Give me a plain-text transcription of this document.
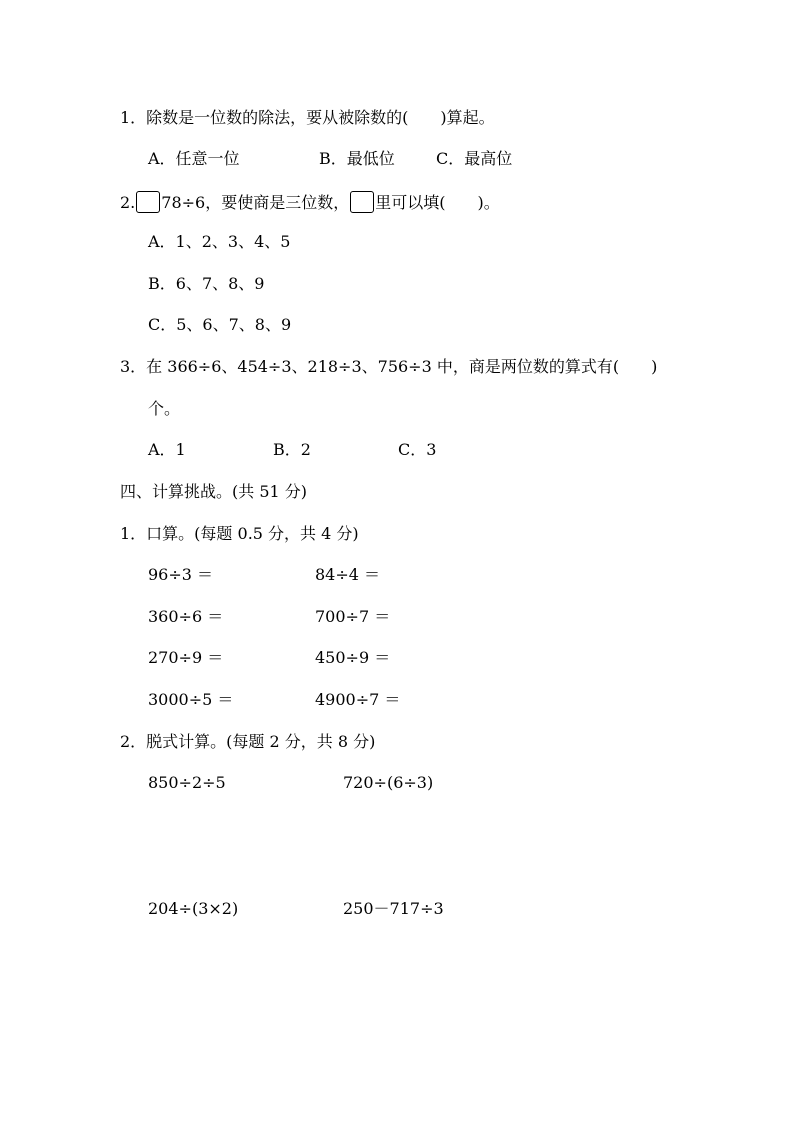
1．除数是一位数的除法，要从被除数的(　　)算起。
A．任意一位	B．最低位	C．最高位
2. 78÷6，要使商是三位数， 里可以填(　　)。
A．1、2、3、4、5
B．6、7、8、9
C．5、6、7、8、9
3．在 366÷6、454÷3、218÷3、756÷3 中，商是两位数的算式有(　　)
个。
A．1	B．2	C．3
四、计算挑战。(共 51 分)
1．口算。(每题 0.5 分，共 4 分)
96÷3 ＝	84÷4 ＝
360÷6 ＝	700÷7 ＝
270÷9 ＝	450÷9 ＝
3000÷5 ＝	4900÷7 ＝
2．脱式计算。(每题 2 分，共 8 分)
850÷2÷5	720÷(6÷3)
204÷(3×2)	250－717÷3
